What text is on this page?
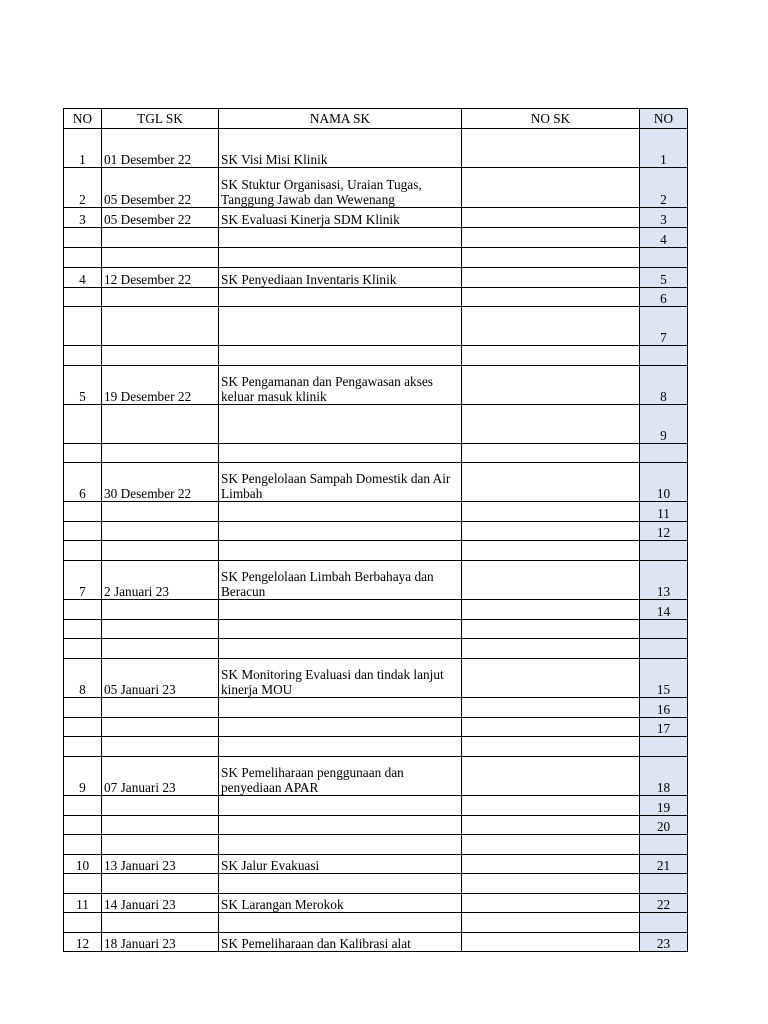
NO	TGL SK	NAMA SK	NO SK	NO
1	01 Desember 22	SK Visi Misi Klinik		1
2	05 Desember 22	SK Stuktur Organisasi, Uraian Tugas, Tanggung Jawab dan Wewenang		2
3	05 Desember 22	SK Evaluasi Kinerja SDM Klinik		3
				4

4	12 Desember 22	SK Penyediaan Inventaris Klinik		5
				6
				7

5	19 Desember 22	SK Pengamanan dan Pengawasan akses keluar masuk klinik		8
				9

6	30 Desember 22	SK Pengelolaan Sampah Domestik dan Air Limbah		10
				11
				12

7	2 Januari 23	SK Pengelolaan Limbah Berbahaya dan Beracun		13
				14

8	05 Januari 23	SK Monitoring Evaluasi dan tindak lanjut kinerja MOU		15
				16
				17

9	07 Januari 23	SK Pemeliharaan penggunaan dan penyediaan APAR		18
				19
				20

10	13 Januari 23	SK Jalur Evakuasi		21

11	14 Januari 23	SK Larangan Merokok		22

12	18 Januari 23	SK Pemeliharaan dan Kalibrasi alat		23
